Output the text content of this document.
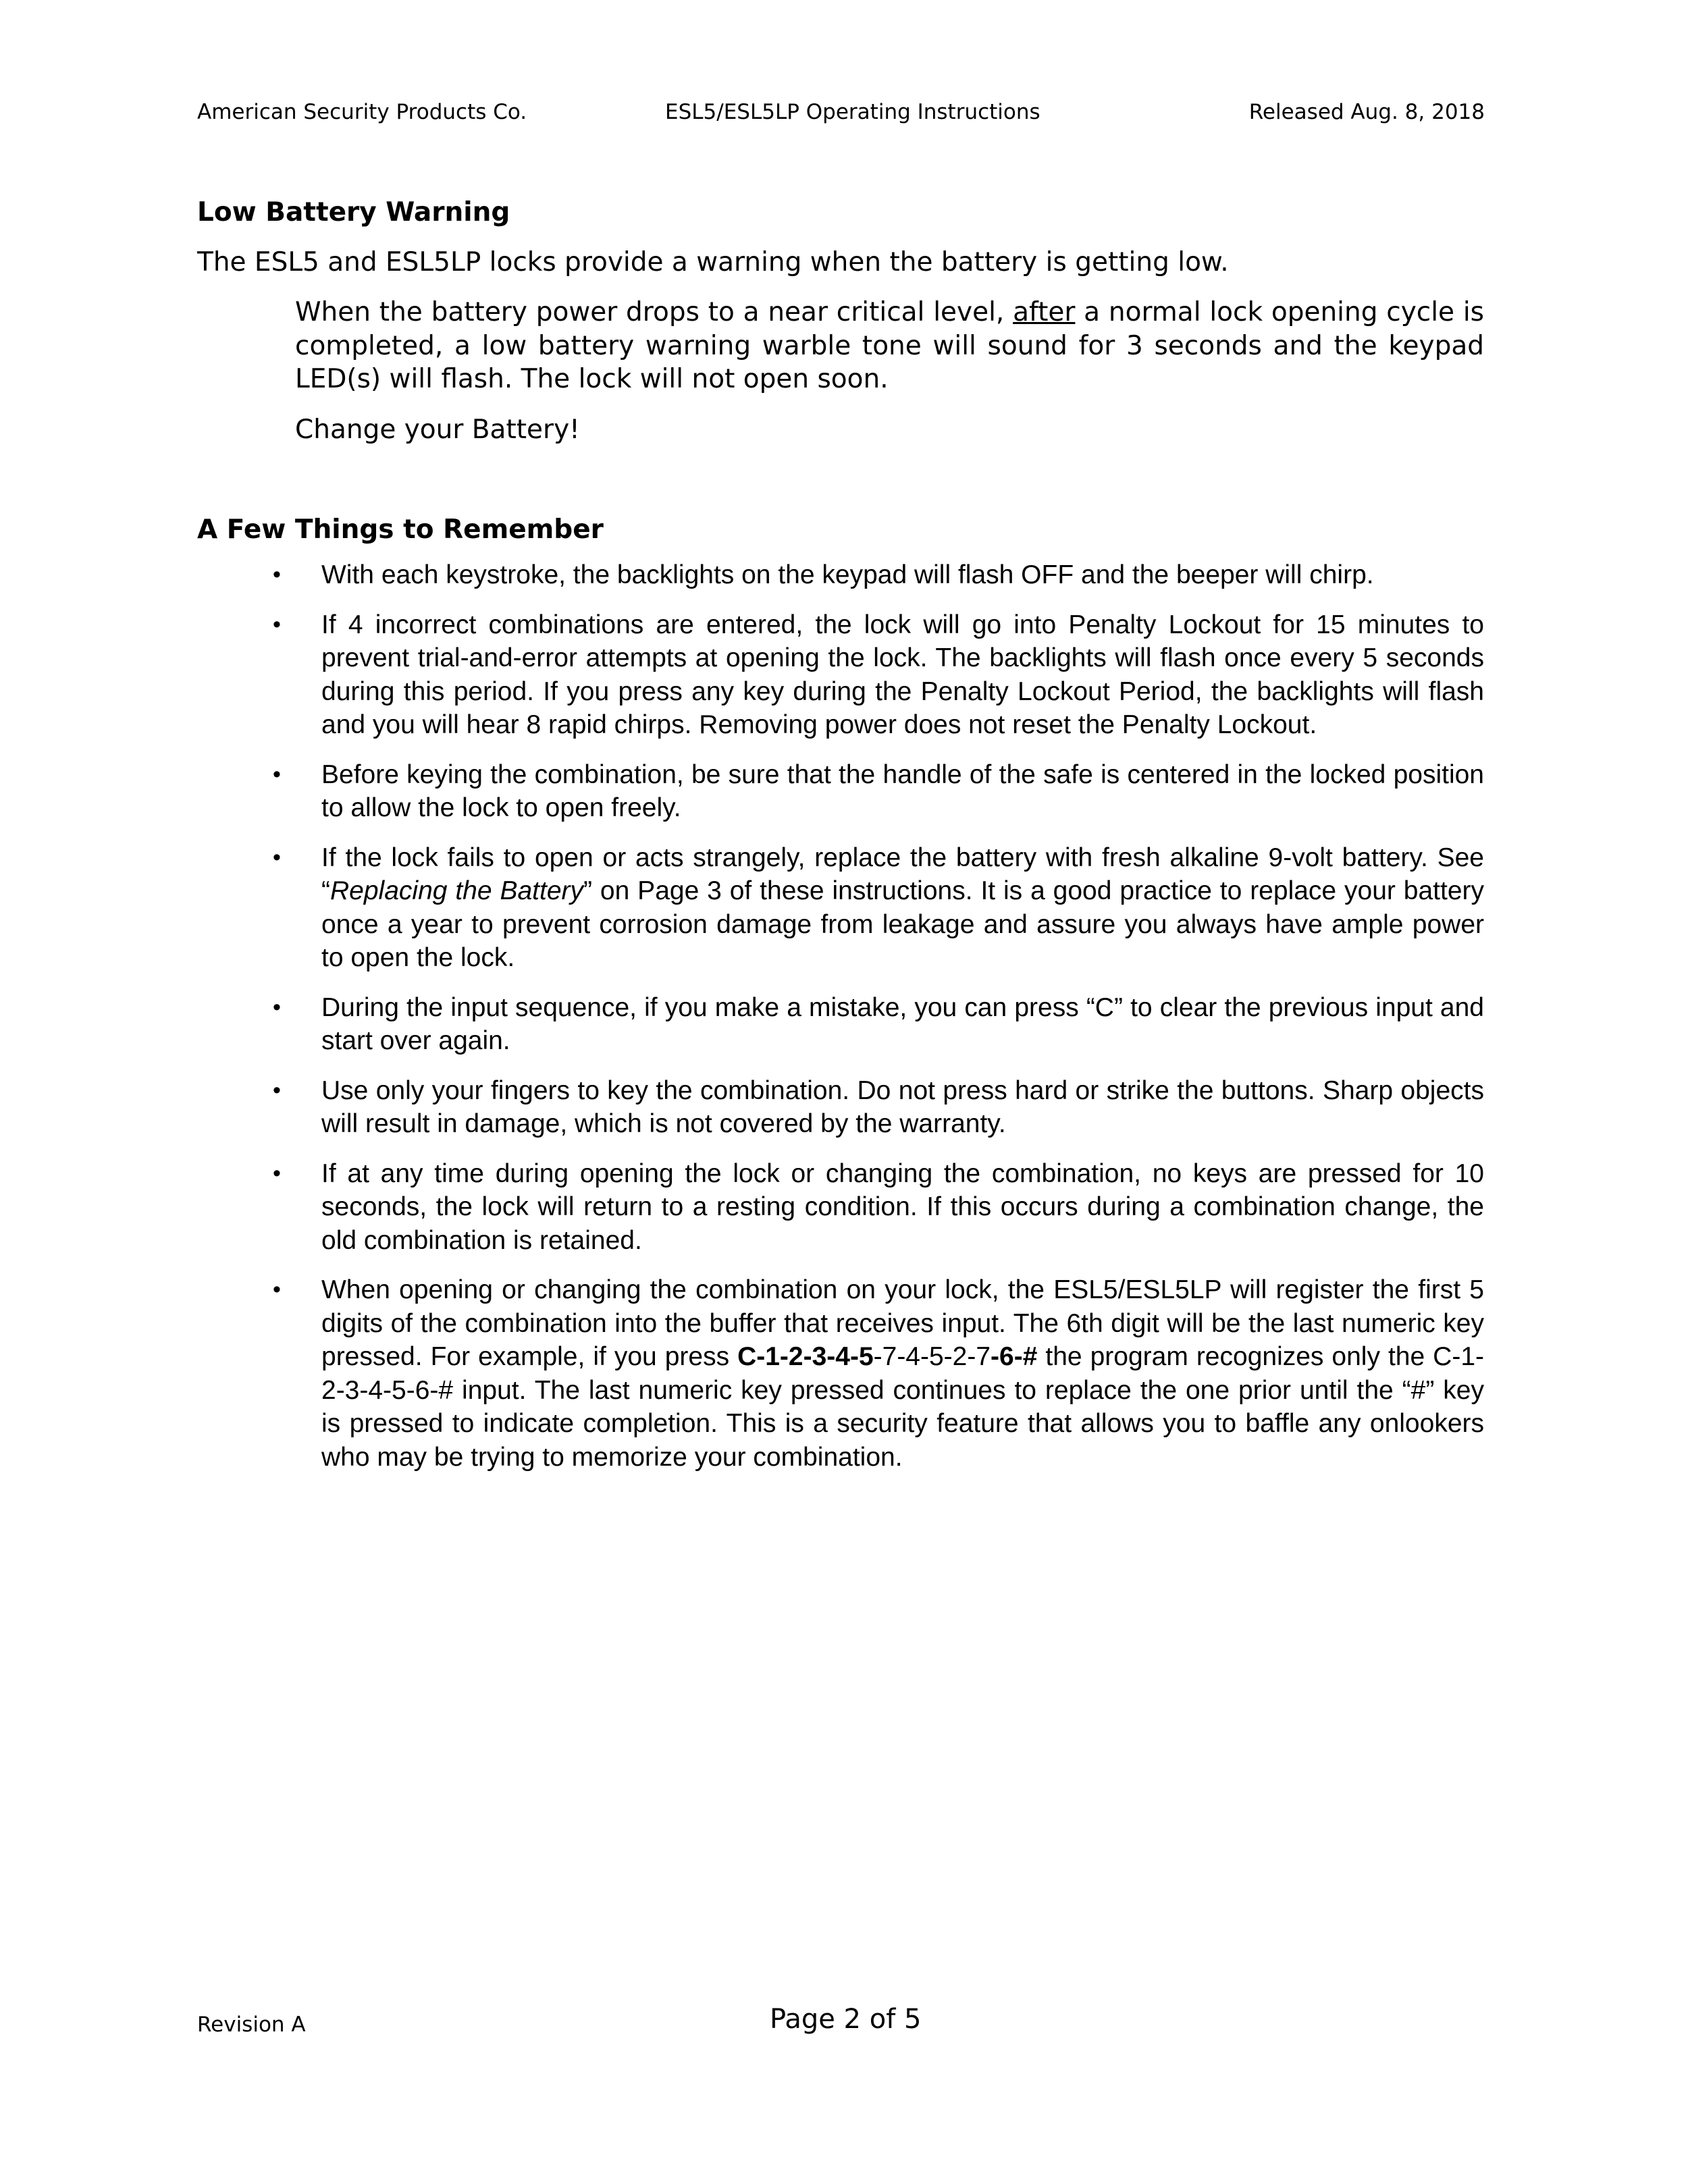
American Security Products Co.	ESL5/ESL5LP Operating Instructions	Released Aug. 8, 2018
Low Battery Warning
The ESL5 and ESL5LP locks provide a warning when the battery is getting low.

When the battery power drops to a near critical level, after a normal lock opening cycle is completed, a low battery warning warble tone will sound for 3 seconds and the keypad LED(s) will flash. The lock will not open soon.

Change your Battery!

A Few Things to Remember
• With each keystroke, the backlights on the keypad will flash OFF and the beeper will chirp.
• If 4 incorrect combinations are entered, the lock will go into Penalty Lockout for 15 minutes to prevent trial-and-error attempts at opening the lock. The backlights will flash once every 5 seconds during this period. If you press any key during the Penalty Lockout Period, the backlights will flash and you will hear 8 rapid chirps. Removing power does not reset the Penalty Lockout.
• Before keying the combination, be sure that the handle of the safe is centered in the locked position to allow the lock to open freely.
• If the lock fails to open or acts strangely, replace the battery with fresh alkaline 9-volt battery. See “Replacing the Battery” on Page 3 of these instructions. It is a good practice to replace your battery once a year to prevent corrosion damage from leakage and assure you always have ample power to open the lock.
• During the input sequence, if you make a mistake, you can press “C” to clear the previous input and start over again.
• Use only your fingers to key the combination. Do not press hard or strike the buttons. Sharp objects will result in damage, which is not covered by the warranty.
• If at any time during opening the lock or changing the combination, no keys are pressed for 10 seconds, the lock will return to a resting condition. If this occurs during a combination change, the old combination is retained.
• When opening or changing the combination on your lock, the ESL5/ESL5LP will register the first 5 digits of the combination into the buffer that receives input. The 6th digit will be the last numeric key pressed. For example, if you press C-1-2-3-4-5-7-4-5-2-7-6-# the program recognizes only the C-1-2-3-4-5-6-# input. The last numeric key pressed continues to replace the one prior until the “#” key is pressed to indicate completion. This is a security feature that allows you to baffle any onlookers who may be trying to memorize your combination.
Revision A	Page 2 of 5
